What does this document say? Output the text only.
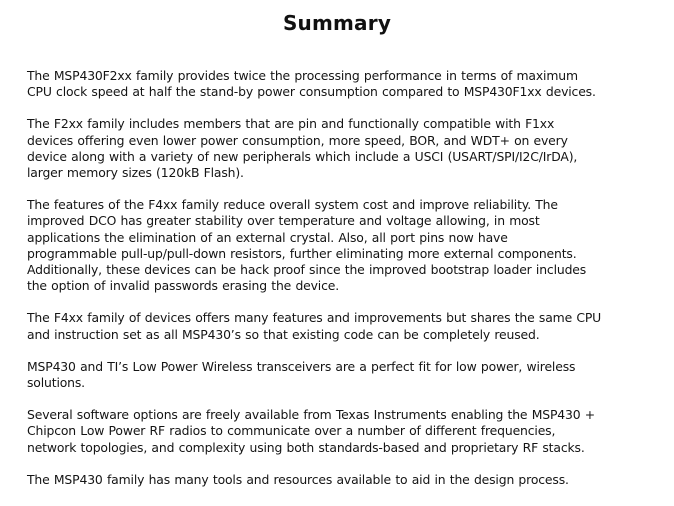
Summary

The MSP430F2xx family provides twice the processing performance in terms of maximum
CPU clock speed at half the stand-by power consumption compared to MSP430F1xx devices.

The F2xx family includes members that are pin and functionally compatible with F1xx
devices offering even lower power consumption, more speed, BOR, and WDT+ on every
device along with a variety of new peripherals which include a USCI (USART/SPI/I2C/IrDA),
larger memory sizes (120kB Flash).

The features of the F4xx family reduce overall system cost and improve reliability. The
improved DCO has greater stability over temperature and voltage allowing, in most
applications the elimination of an external crystal. Also, all port pins now have
programmable pull-up/pull-down resistors, further eliminating more external components.
Additionally, these devices can be hack proof since the improved bootstrap loader includes
the option of invalid passwords erasing the device.

The F4xx family of devices offers many features and improvements but shares the same CPU
and instruction set as all MSP430’s so that existing code can be completely reused.

MSP430 and TI’s Low Power Wireless transceivers are a perfect fit for low power, wireless
solutions.

Several software options are freely available from Texas Instruments enabling the MSP430 +
Chipcon Low Power RF radios to communicate over a number of different frequencies,
network topologies, and complexity using both standards-based and proprietary RF stacks.

The MSP430 family has many tools and resources available to aid in the design process.
